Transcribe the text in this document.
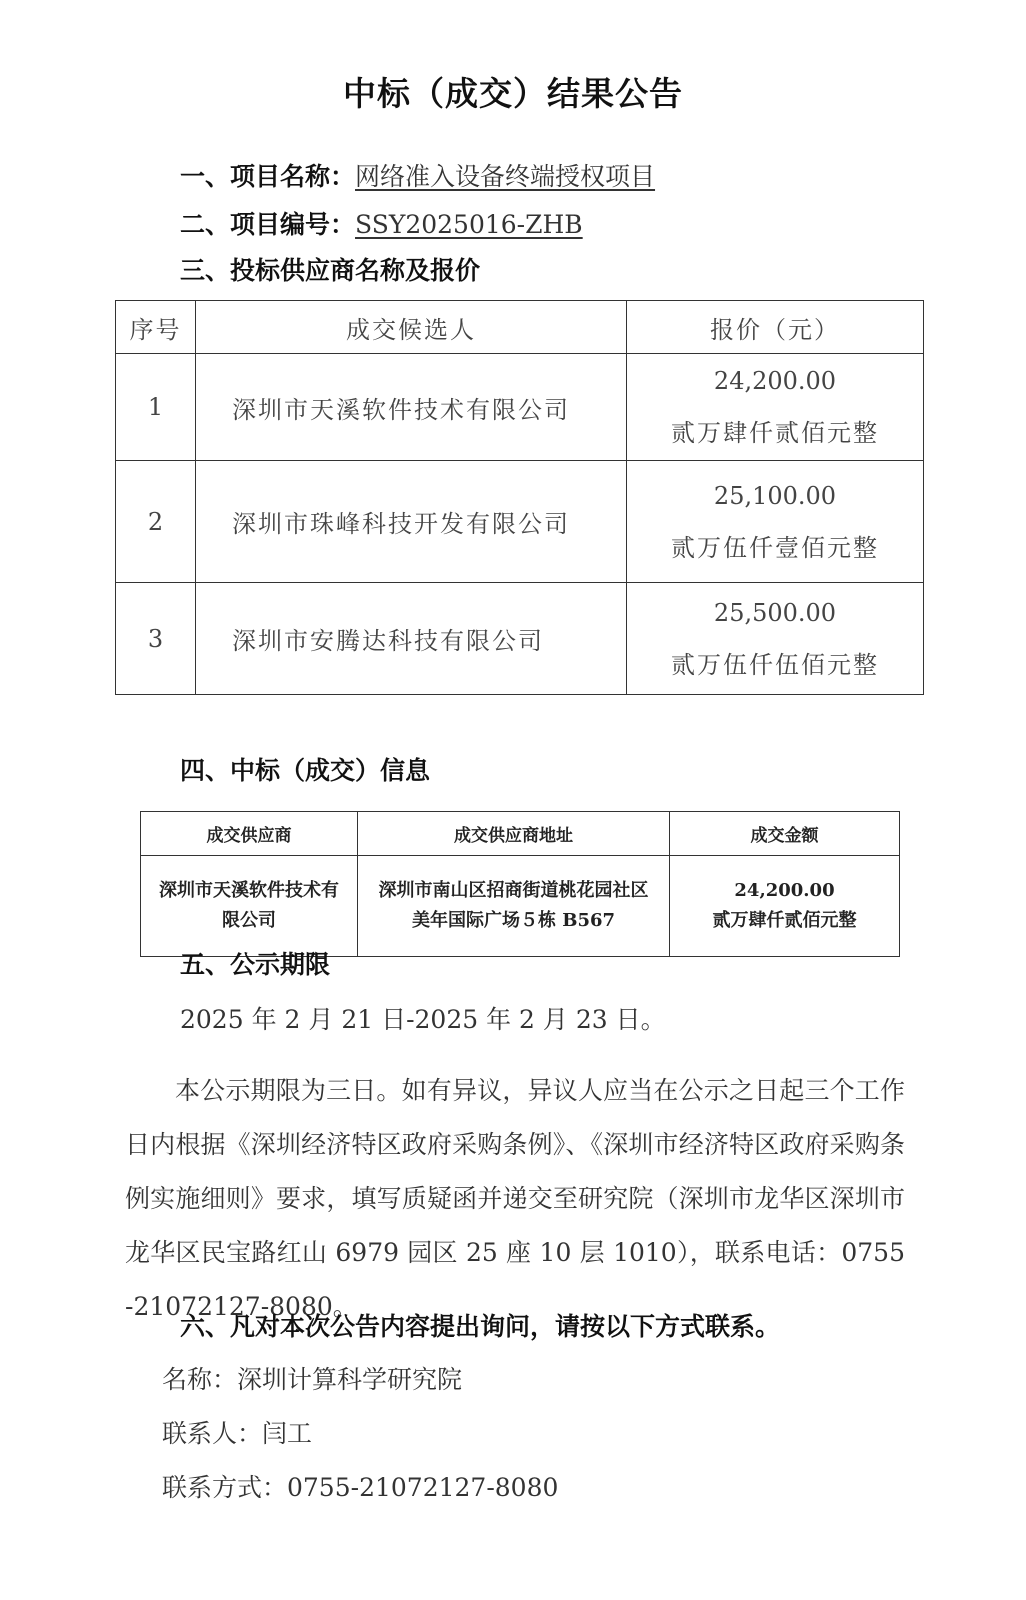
中标（成交）结果公告
一、项目名称：网络准入设备终端授权项目
二、项目编号：SSY2025016-ZHB
三、投标供应商名称及报价
序号	成交候选人	报价（元）
1	深圳市天溪软件技术有限公司	24,200.00
贰万肆仟贰佰元整

2	深圳市珠峰科技开发有限公司	25,100.00
贰万伍仟壹佰元整

3	深圳市安腾达科技有限公司	25,500.00
贰万伍仟伍佰元整
四、中标（成交）信息
成交供应商	成交供应商地址	成交金额
深圳市天溪软件技术有限公司	深圳市南山区招商街道桃花园社区美年国际广场５栋 B567	24,200.00
贰万肆仟贰佰元整
五、公示期限
2025 年 2 月 21 日-2025 年 2 月 23 日。
本公示期限为三日。如有异议，异议人应当在公示之日起三个工作日内根据《深圳经济特区政府采购条例》、《深圳市经济特区政府采购条例实施细则》要求，填写质疑函并递交至研究院（深圳市龙华区深圳市龙华区民宝路红山 6979 园区 25 座 10 层 1010），联系电话：0755-21072127-8080。
六、凡对本次公告内容提出询问，请按以下方式联系。
名称：深圳计算科学研究院
联系人：闫工
联系方式：0755-21072127-8080
